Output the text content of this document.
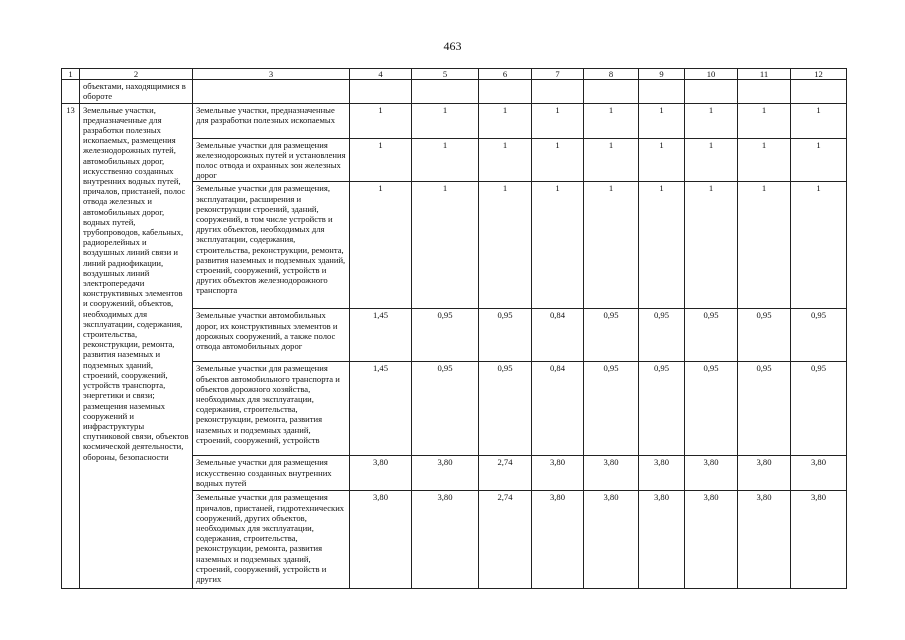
463
1	2	3	4	5	6	7	8	9	10	11	12
	объектами, находящимися в обороте										
13	Земельные участки, предназначенные для разработки полезных ископаемых, размещения железнодорожных путей, автомобильных дорог, искусственно созданных внутренних водных путей, причалов, пристаней, полос отвода железных и автомобильных дорог, водных путей, трубопроводов, кабельных, радиорелейных и воздушных линий связи и линий радиофикации, воздушных линий электропередачи конструктивных элементов и сооружений, объектов, необходимых для эксплуатации, содержания, строительства, реконструкции, ремонта, развития наземных и подземных зданий, строений, сооружений, устройств транспорта, энергетики и связи; размещения наземных сооружений и инфраструктуры спутниковой связи, объектов космической деятельности, обороны, безопасности	Земельные участки, предназначенные для разработки полезных ископаемых	1	1	1	1	1	1	1	1	1
		Земельные участки для размещения железнодорожных путей и установления полос отвода и охранных зон железных дорог	1	1	1	1	1	1	1	1	1
		Земельные участки для размещения, эксплуатации, расширения и реконструкции строений, зданий, сооружений, в том числе устройств и других объектов, необходимых для эксплуатации, содержания, строительства, реконструкции, ремонта, развития наземных и подземных зданий, строений, сооружений, устройств и других объектов железнодорожного транспорта	1	1	1	1	1	1	1	1	1
		Земельные участки автомобильных дорог, их конструктивных элементов и дорожных сооружений, а также полос отвода автомобильных дорог	1,45	0,95	0,95	0,84	0,95	0,95	0,95	0,95	0,95
		Земельные участки для размещения объектов автомобильного транспорта и объектов дорожного хозяйства, необходимых для эксплуатации, содержания, строительства, реконструкции, ремонта, развития наземных и подземных зданий, строений, сооружений, устройств	1,45	0,95	0,95	0,84	0,95	0,95	0,95	0,95	0,95
		Земельные участки для размещения искусственно созданных внутренних водных путей	3,80	3,80	2,74	3,80	3,80	3,80	3,80	3,80	3,80
		Земельные участки для размещения причалов, пристаней, гидротехнических сооружений, других объектов, необходимых для эксплуатации, содержания, строительства, реконструкции, ремонта, развития наземных и подземных зданий, строений, сооружений, устройств и других	3,80	3,80	2,74	3,80	3,80	3,80	3,80	3,80	3,80
